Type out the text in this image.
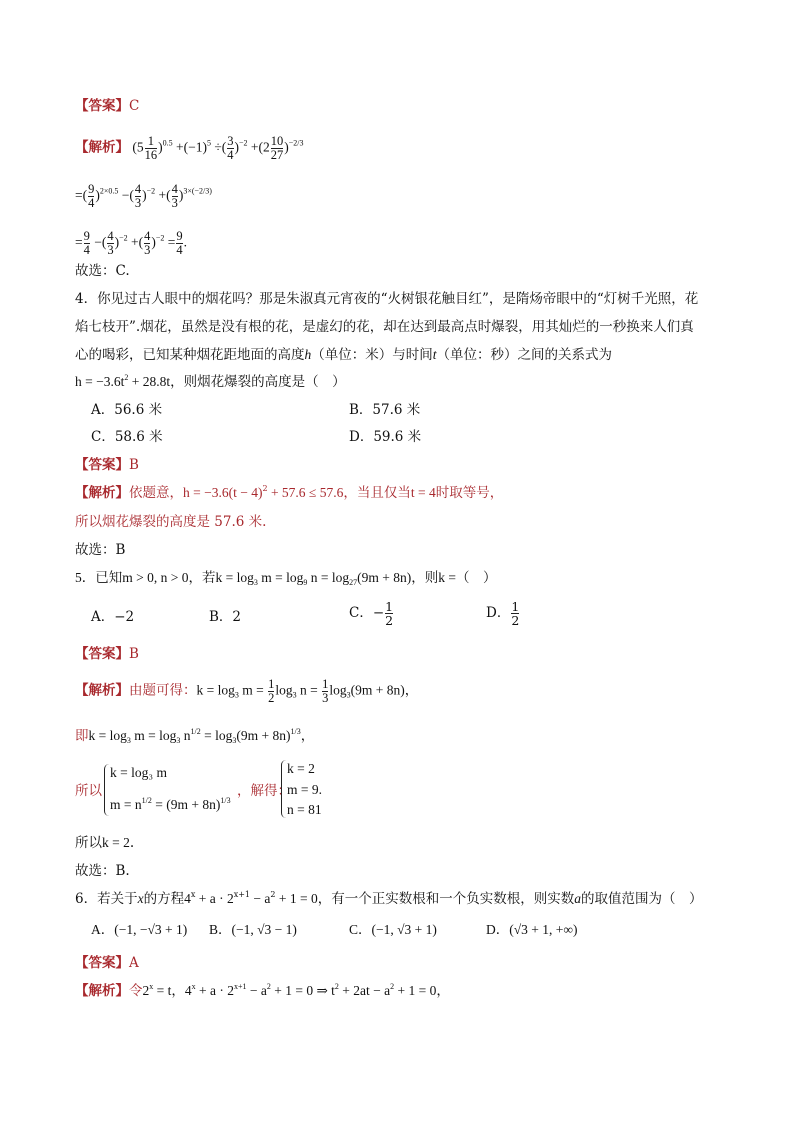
【答案】C
【解析】 $(5 \frac{1}{16} )^{0.5} +(-1)^5$ ÷( $\frac{3}{4} )^{-2} +(2 \frac{10}{27} )^{-2/3}$
=( $\frac{9}{4} )^{2\times 0.5}$ −( $\frac{4}{3} )^{-2}$ +( $\frac{4}{3} )^{3\times(-2/3)}$
= $\frac{9}{4}$ −( $\frac{4}{3} )^{-2}$ +( $\frac{4}{3} )^{-2} = \frac{9}{4}$ .
故选：C.
4．你见过古人眼中的烟花吗？那是朱淑真元宵夜的“火树银花触目红”，是隋炀帝眼中的“灯树千光照，花
焰七枝开”.烟花，虽然是没有根的花，是虚幻的花，却在达到最高点时爆裂，用其灿烂的一秒换来人们真
心的喝彩，已知某种烟花距地面的高度h（单位：米）与时间t（单位：秒）之间的关系式为
$h = -3.6t^2 + 28.8t$，则烟花爆裂的高度是（　）
A．56.6 米	B．57.6 米
C．58.6 米	D．59.6 米
【答案】B
【解析】依题意，$h = -3.6(t - 4)^2 + 57.6 \le 57.6$，当且仅当t = 4时取等号，
所以烟花爆裂的高度是 57.6 米.
故选：B
5．已知m > 0, n > 0，若$k = \log_3 m = \log_9 n = \log_{27}(9m + 8n)$，则k =（　）
A．−2	B．2	C．− $\frac{1}{2}$	D． $\frac{1}{2}$
【答案】B
【解析】由题可得：$k = \log_3 m = \frac{1}{2} \log_3 n = \frac{1}{3} \log_3(9m + 8n)$，
即$k = \log_3 m = \log_3 n^{1/2} = \log_3(9m + 8n)^{1/3}$，
所以
k = log₃ m
$m = n^{1/2} = (9m + 8n)^{1/3}$
，解得：
k = 2
m = 9.
n = 81
所以k = 2.
故选：B.
6．若关于x的方程$4^x + a \cdot 2^{x+1} - a^2 + 1 = 0$，有一个正实数根和一个负实数根，则实数a的取值范围为（　）
A．(−1, −√3 + 1) B．(−1, √3 − 1)	C．(−1, √3 + 1)	D．(√3 + 1, +∞)
【答案】A
【解析】令$2^x = t$，$4^x + a \cdot 2^{x+1} - a^2 + 1 = 0$ ⇒ $t^2 + 2at - a^2 + 1 = 0$，
